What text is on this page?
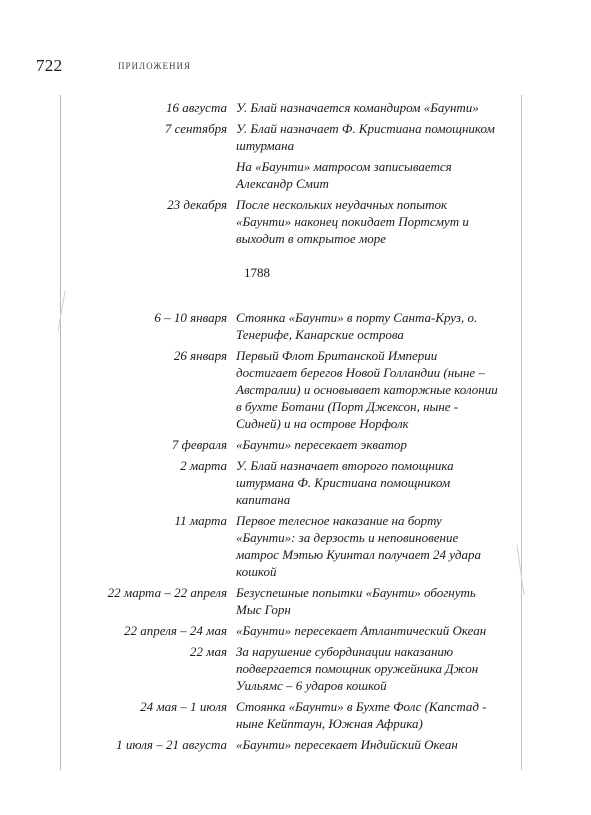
722	ПРИЛОЖЕНИЯ
16 августа У. Блай назначается командиром «Баунти»
7 сентября У. Блай назначает Ф. Кристиана помощником штурмана
На «Баунти» матросом записывается Александр Смит
23 декабря После нескольких неудачных попыток «Баунти» наконец покидает Портсмут и выходит в открытое море
1788
6 – 10 января Стоянка «Баунти» в порту Санта-Круз, о. Тенерифе, Канарские острова
26 января Первый Флот Британской Империи достигает берегов Новой Голландии (ныне – Австралии) и основывает каторжные колонии в бухте Ботани (Порт Джексон, ныне - Сидней) и на острове Норфолк
7 февраля «Баунти» пересекает экватор
2 марта У. Блай назначает второго помощника штурмана Ф. Кристиана помощником капитана
11 марта Первое телесное наказание на борту «Баунти»: за дерзость и неповиновение матрос Мэтью Куинтал получает 24 удара кошкой
22 марта – 22 апреля Безуспешные попытки «Баунти» обогнуть Мыс Горн
22 апреля – 24 мая «Баунти» пересекает Атлантический Океан
22 мая За нарушение субординации наказанию подвергается помощник оружейника Джон Уильямс – 6 ударов кошкой
24 мая – 1 июля Стоянка «Баунти» в Бухте Фолс (Капстад - ныне Кейптаун, Южная Африка)
1 июля – 21 августа «Баунти» пересекает Индийский Океан
